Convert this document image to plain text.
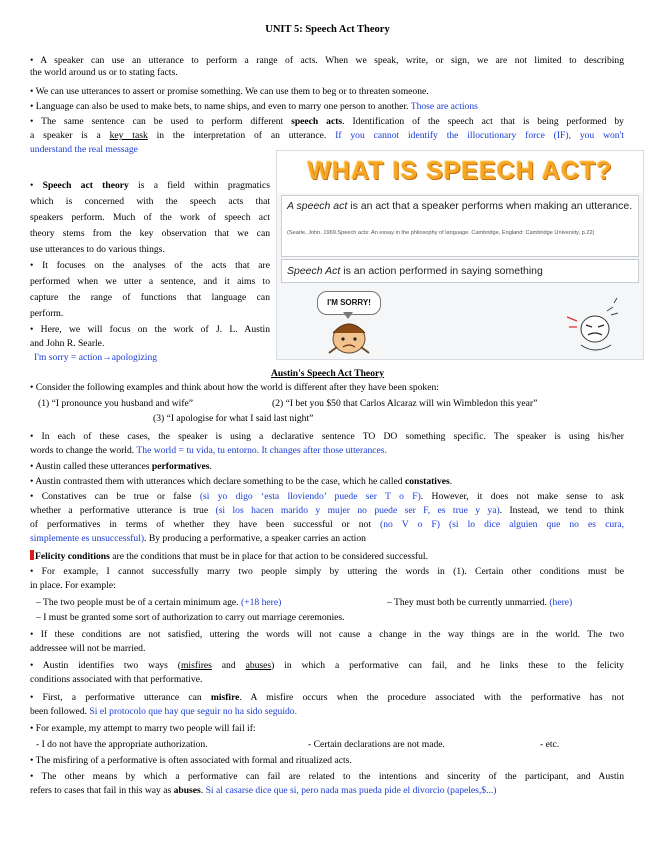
UNIT 5: Speech Act Theory
• A speaker can use an utterance to perform a range of acts. When we speak, write, or sign, we are not limited to describing
the world around us or to stating facts.
• We can use utterances to assert or promise something. We can use them to beg or to threaten someone.
• Language can also be used to make bets, to name ships, and even to marry one person to another. Those are actions
• The same sentence can be used to perform different speech acts. Identification of the speech act that is being performed by
a speaker is a key task in the interpretation of an utterance. If you cannot identify the illocutionary force (IF), you won't
understand the real message
• Speech act theory is a field within pragmatics
which is concerned with the speech acts that
speakers perform. Much of the work of speech act
theory stems from the key observation that we can
use utterances to do various things.
• It focuses on the analyses of the acts that are
performed when we utter a sentence, and it aims to
capture the range of functions that language can
perform.
• Here, we will focus on the work of J. L. Austin
and John R. Searle.
I'm sorry = action→apologizing
WHAT IS SPEECH ACT?
A speech act is an act that a speaker performs when making an utterance.
(Searle, John. 1969.Speech acts: An essay in the philosophy of language. Cambridge, England: Cambridge University, p.22)
Speech Act is an action performed in saying something
I'M SORRY!
Austin's Speech Act Theory
• Consider the following examples and think about how the world is different after they have been spoken:
(1) “I pronounce you husband and wife”	(2) “I bet you $50 that Carlos Alcaraz will win Wimbledon this year”
(3) “I apologise for what I said last night”
• In each of these cases, the speaker is using a declarative sentence TO DO something specific. The speaker is using his/her
words to change the world. The world = tu vida, tu entorno. It changes after those utterances.
• Austin called these utterances performatives.
• Austin contrasted them with utterances which declare something to be the case, which he called constatives.
• Constatives can be true or false (si yo digo ‘esta lloviendo’ puede ser T o F). However, it does not make sense to ask
whether a performative utterance is true (si los hacen marido y mujer no puede ser F, es true y ya). Instead, we tend to think
of performatives in terms of whether they have been successful or not (no V o F) (si lo dice alguien que no es cura,
simplemente es unsuccessful). By producing a performative, a speaker carries an action
Felicity conditions are the conditions that must be in place for that action to be considered successful.
• For example, I cannot successfully marry two people simply by uttering the words in (1). Certain other conditions must be
in place. For example:
– The two people must be of a certain minimum age. (+18 here)	– They must both be currently unmarried. (here)
– I must be granted some sort of authorization to carry out marriage ceremonies.
• If these conditions are not satisfied, uttering the words will not cause a change in the way things are in the world. The two
addressee will not be married.
• Austin identifies two ways (misfires and abuses) in which a performative can fail, and he links these to the felicity
conditions associated with that performative.
• First, a performative utterance can misfire. A misfire occurs when the procedure associated with the performative has not
been followed. Si el protocolo que hay que seguir no ha sido seguido.
• For example, my attempt to marry two people will fail if:
- I do not have the appropriate authorization.	- Certain declarations are not made.	- etc.
• The misfiring of a performative is often associated with formal and ritualized acts.
• The other means by which a performative can fail are related to the intentions and sincerity of the participant, and Austin
refers to cases that fail in this way as abuses. Si al casarse dice que si, pero nada mas pueda pide el divorcio (papeles,$...)
